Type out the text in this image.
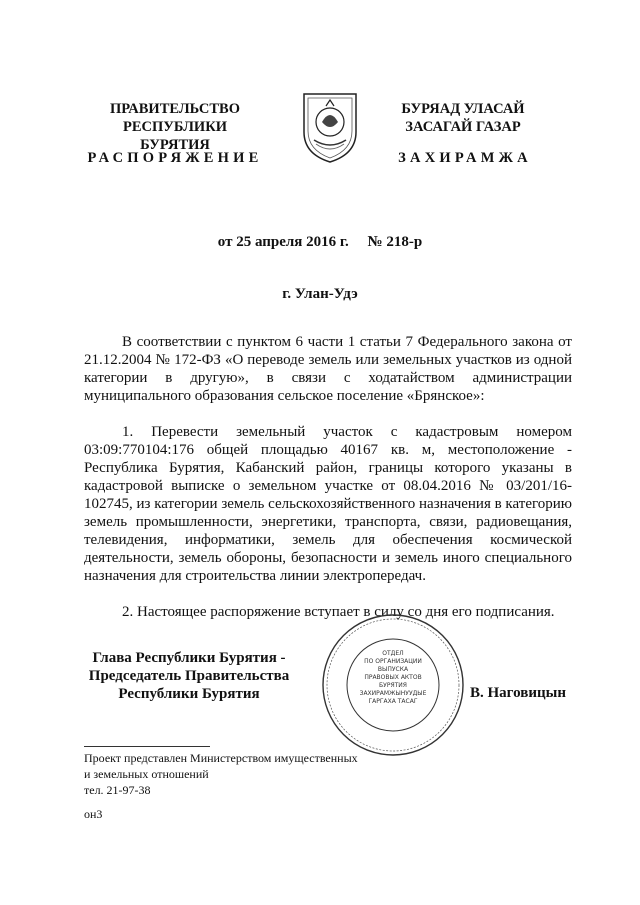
ПРАВИТЕЛЬСТВО
РЕСПУБЛИКИ БУРЯТИЯ
РАСПОРЯЖЕНИЕ
БУРЯАД УЛАСАЙ
ЗАСАГАЙ ГАЗАР
ЗАХИРАМЖА
от 25 апреля 2016 г.     № 218-р
г. Улан-Удэ

В соответствии с пунктом 6 части 1 статьи 7 Федерального закона от 21.12.2004 № 172-ФЗ «О переводе земель или земельных участков из одной категории в другую», в связи с ходатайством администрации муниципального образования сельское поселение «Брянское»:

1. Перевести земельный участок с кадастровым номером 03:09:770104:176 общей площадью 40167 кв. м, местоположение - Республика Бурятия, Кабанский район, границы которого указаны в кадастровой выписке о земельном участке от 08.04.2016 № 03/201/16-102745, из категории земель сельскохозяйственного назначения в категорию земель промышленности, энергетики, транспорта, связи, радиовещания, телевидения, информатики, земель для обеспечения космической деятельности, земель обороны, безопасности и земель иного специального назначения для строительства линии электропередач.

2. Настоящее распоряжение вступает в силу со дня его подписания.

Глава Республики Бурятия -
Председатель Правительства
Республики Бурятия	В. Наговицын
ОТДЕЛ
ПО ОРГАНИЗАЦИИ
ВЫПУСКА
ПРАВОВЫХ АКТОВ
БУРЯТИЯ
ЗАХИРАМЖЫНУУДЫЕ
ГАРГАХА ТАСАГ
Проект представлен Министерством имущественных
и земельных отношений
тел. 21-97-38
он3
